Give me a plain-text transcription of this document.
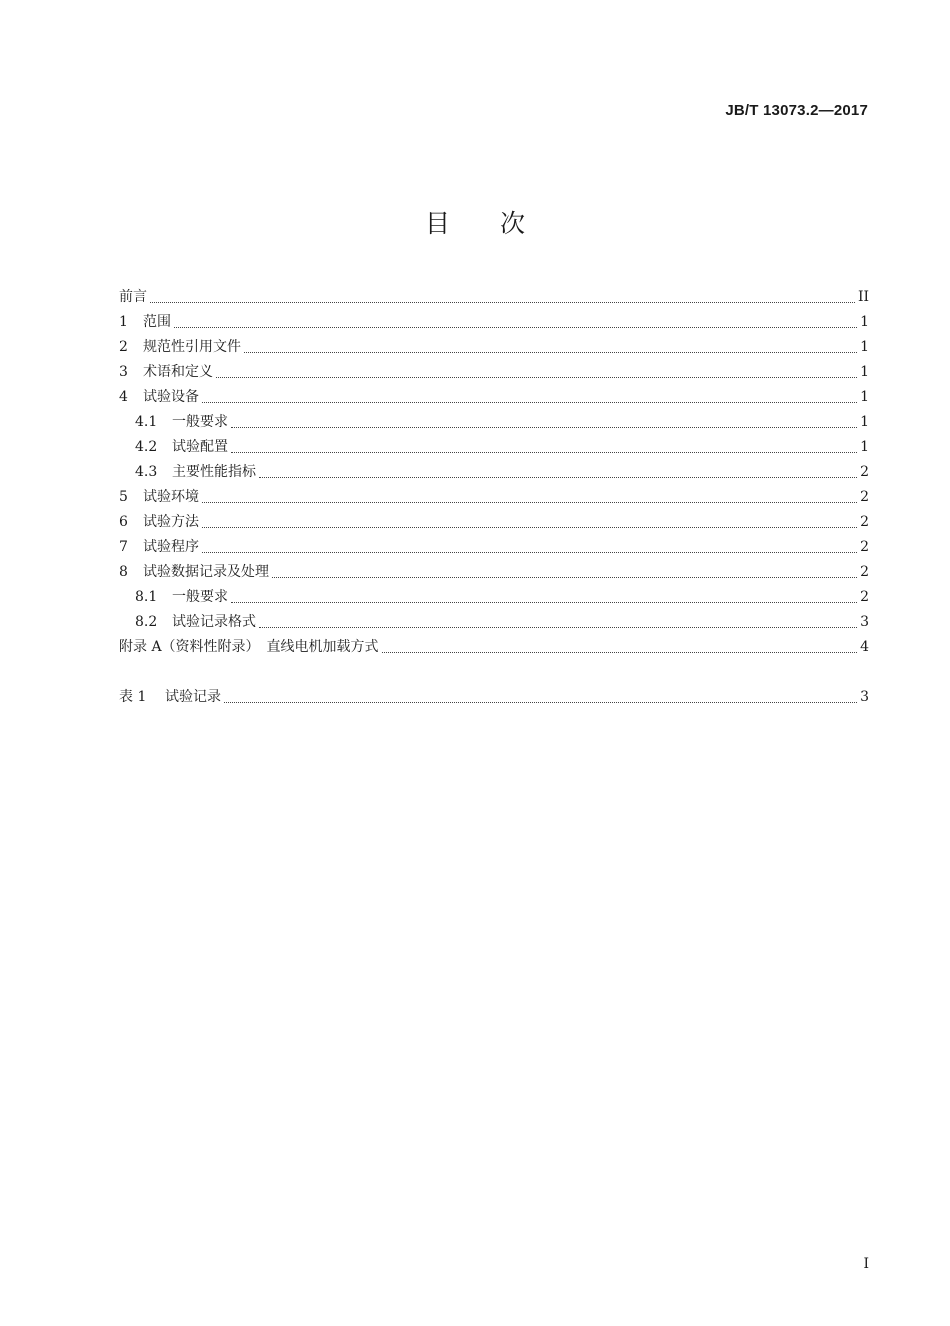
JB/T 13073.2—2017
目 次
前言	II
1	范围	1
2	规范性引用文件	1
3	术语和定义	1
4	试验设备	1
4.1	一般要求	1
4.2	试验配置	1
4.3	主要性能指标	2
5	试验环境	2
6	试验方法	2
7	试验程序	2
8	试验数据记录及处理	2
8.1	一般要求	2
8.2	试验记录格式	3
附录 A（资料性附录）　直线电机加载方式	4
表 1	试验记录	3
I
